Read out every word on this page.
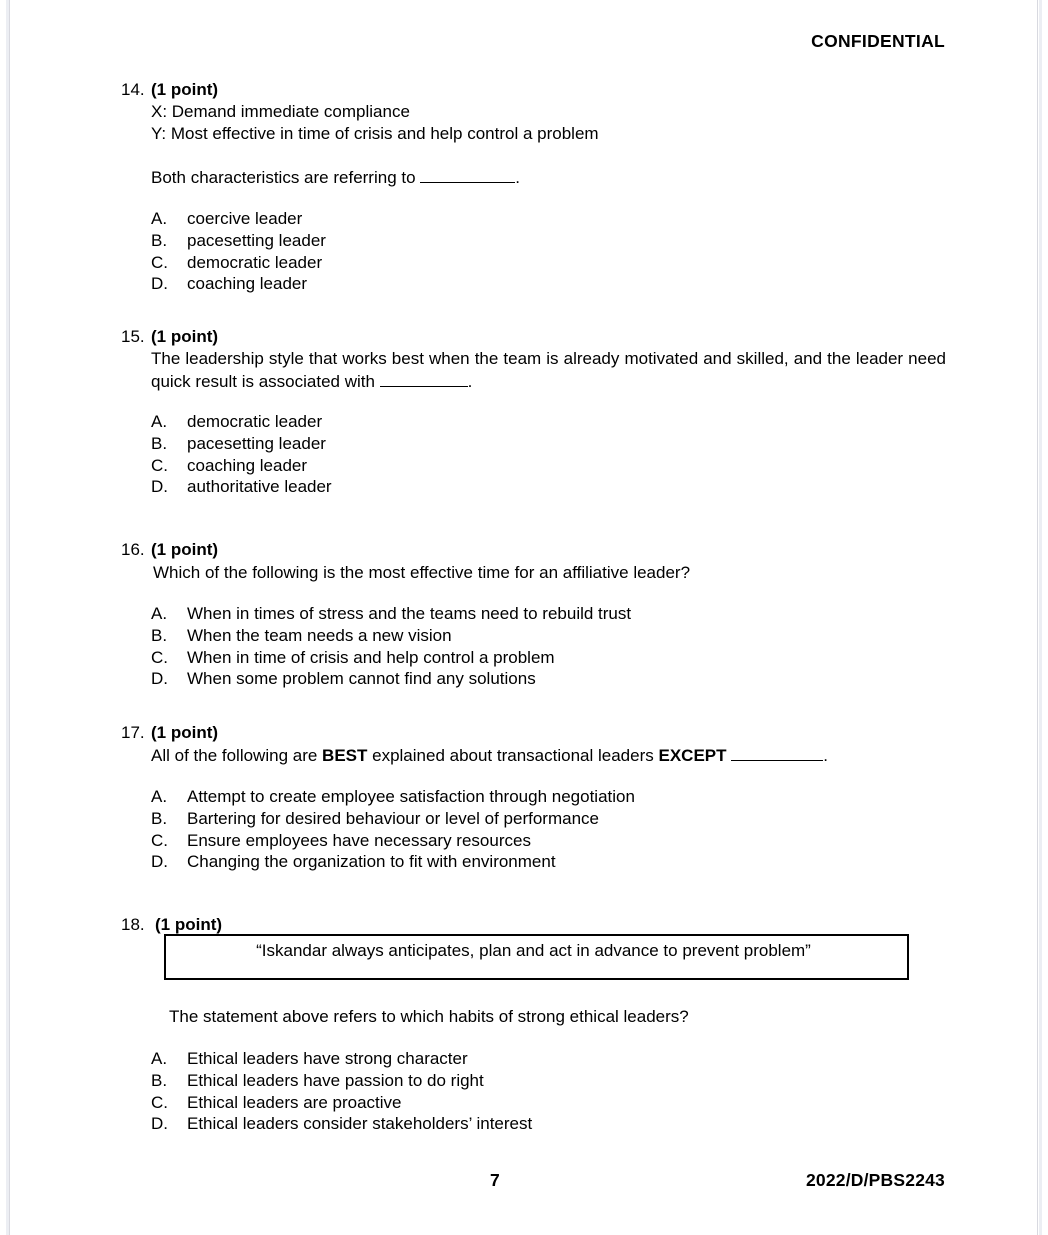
CONFIDENTIAL
14. (1 point)
X: Demand immediate compliance
Y: Most effective in time of crisis and help control a problem
Both characteristics are referring to	.
A. coercive leader
B. pacesetting leader
C. democratic leader
D. coaching leader
15. (1 point)
The leadership style that works best when the team is already motivated and skilled, and the leader need quick result is associated with	.
A. democratic leader
B. pacesetting leader
C. coaching leader
D. authoritative leader
16. (1 point)
Which of the following is the most effective time for an affiliative leader?
A. When in times of stress and the teams need to rebuild trust
B. When the team needs a new vision
C. When in time of crisis and help control a problem
D. When some problem cannot find any solutions
17. (1 point)
All of the following are BEST explained about transactional leaders EXCEPT	.
A. Attempt to create employee satisfaction through negotiation
B. Bartering for desired behaviour or level of performance
C. Ensure employees have necessary resources
D. Changing the organization to fit with environment
18. (1 point)
“Iskandar always anticipates, plan and act in advance to prevent problem”
The statement above refers to which habits of strong ethical leaders?
A. Ethical leaders have strong character
B. Ethical leaders have passion to do right
C. Ethical leaders are proactive
D. Ethical leaders consider stakeholders’ interest
7	2022/D/PBS2243
